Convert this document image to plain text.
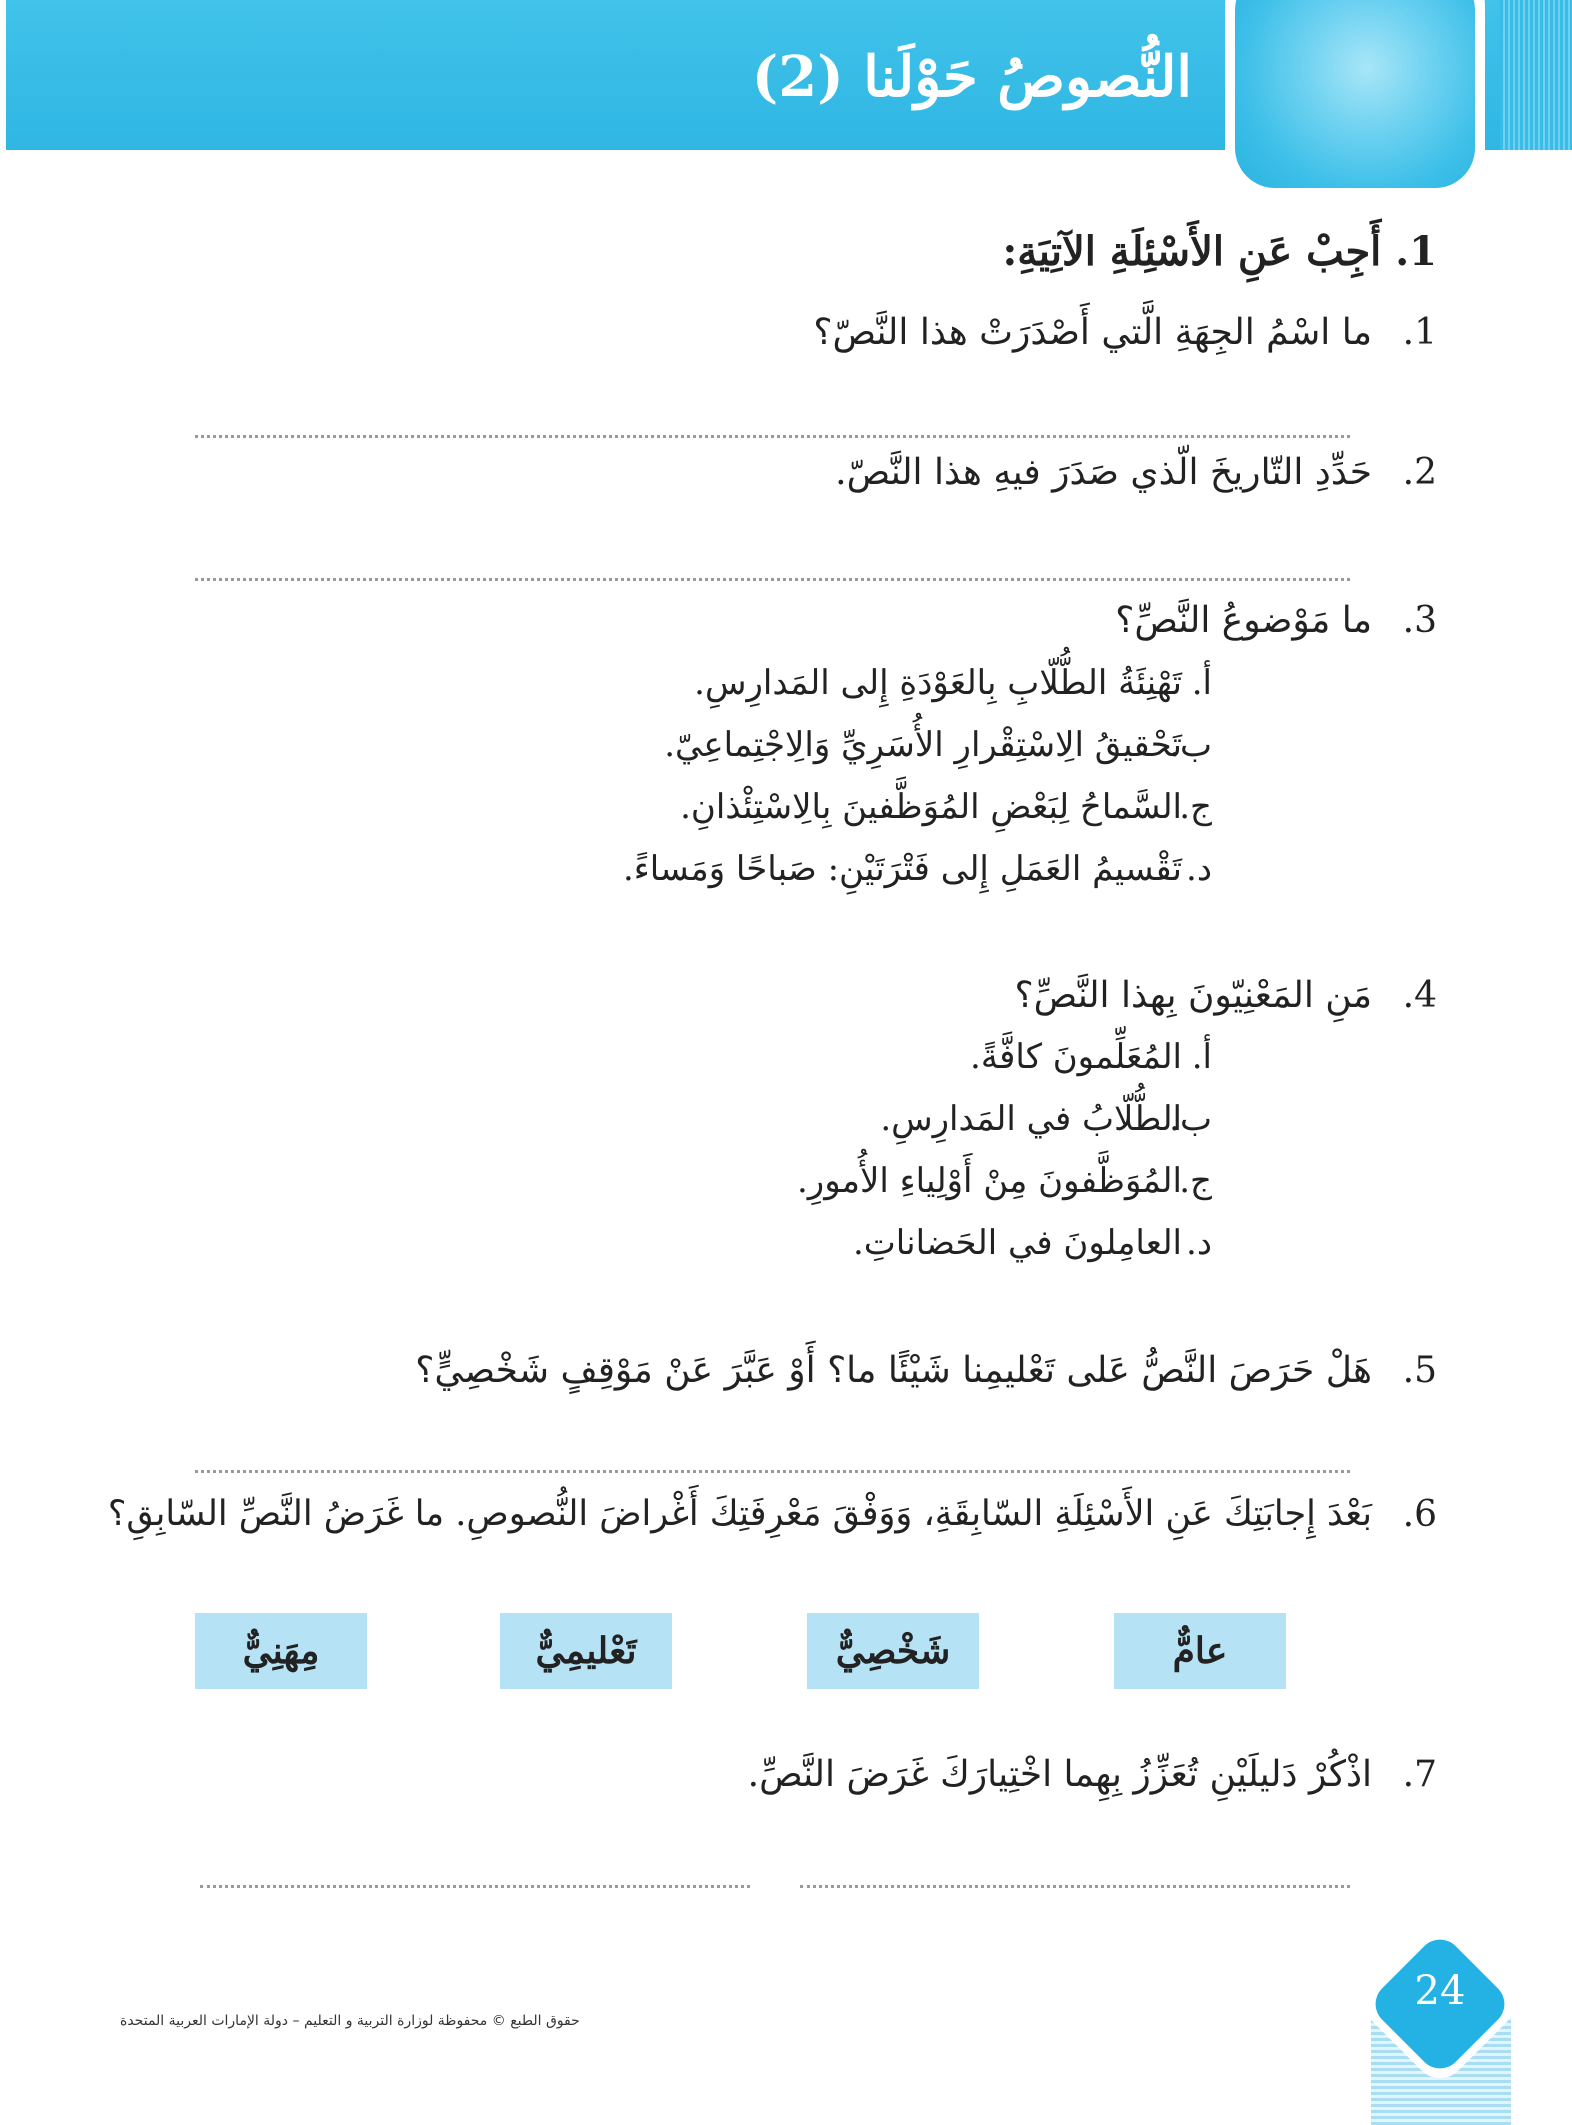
النُّصوصُ حَوْلَنا (2)
1. أَجِبْ عَنِ الأَسْئِلَةِ الآتِيَةِ:
.1
ما اسْمُ الجِهَةِ الَّتي أَصْدَرَتْ هذا النَّصّ؟
.2
حَدِّدِ التّاريخَ الّذي صَدَرَ فيهِ هذا النَّصّ.
.3
ما مَوْضوعُ النَّصِّ؟
أ.
تَهْنِئَةُ الطُّلّابِ بِالعَوْدَةِ إِلى المَدارِسِ.
ب.
تَحْقيقُ الِاسْتِقْرارِ الأُسَرِيِّ وَالِاجْتِماعِيّ.
ج.
السَّماحُ لِبَعْضِ المُوَظَّفينَ بِالِاسْتِئْذانِ.
د.
تَقْسيمُ العَمَلِ إِلى فَتْرَتَيْنِ: صَباحًا وَمَساءً.
.4
مَنِ المَعْنِيّونَ بِهذا النَّصِّ؟
أ.
المُعَلِّمونَ كافَّةً.
ب.
الطُّلّابُ في المَدارِسِ.
ج.
المُوَظَّفونَ مِنْ أَوْلِياءِ الأُمورِ.
د.
العامِلونَ في الحَضاناتِ.
.5
هَلْ حَرَصَ النَّصُّ عَلى تَعْليمِنا شَيْئًا ما؟ أَوْ عَبَّرَ عَنْ مَوْقِفٍ شَخْصِيٍّ؟
.6
بَعْدَ إِجابَتِكَ عَنِ الأَسْئِلَةِ السّابِقَةِ، وَوَفْقَ مَعْرِفَتِكَ أَغْراضَ النُّصوصِ. ما غَرَضُ النَّصِّ السّابِقِ؟
عامٌّ
شَخْصِيٌّ
تَعْليمِيٌّ
مِهَنِيٌّ
.7
اذْكُرْ دَليلَيْنِ تُعَزِّزُ بِهِما اخْتِيارَكَ غَرَضَ النَّصِّ.
حقوق الطبع © محفوظة لوزارة التربية و التعليم – دولة الإمارات العربية المتحدة
24
